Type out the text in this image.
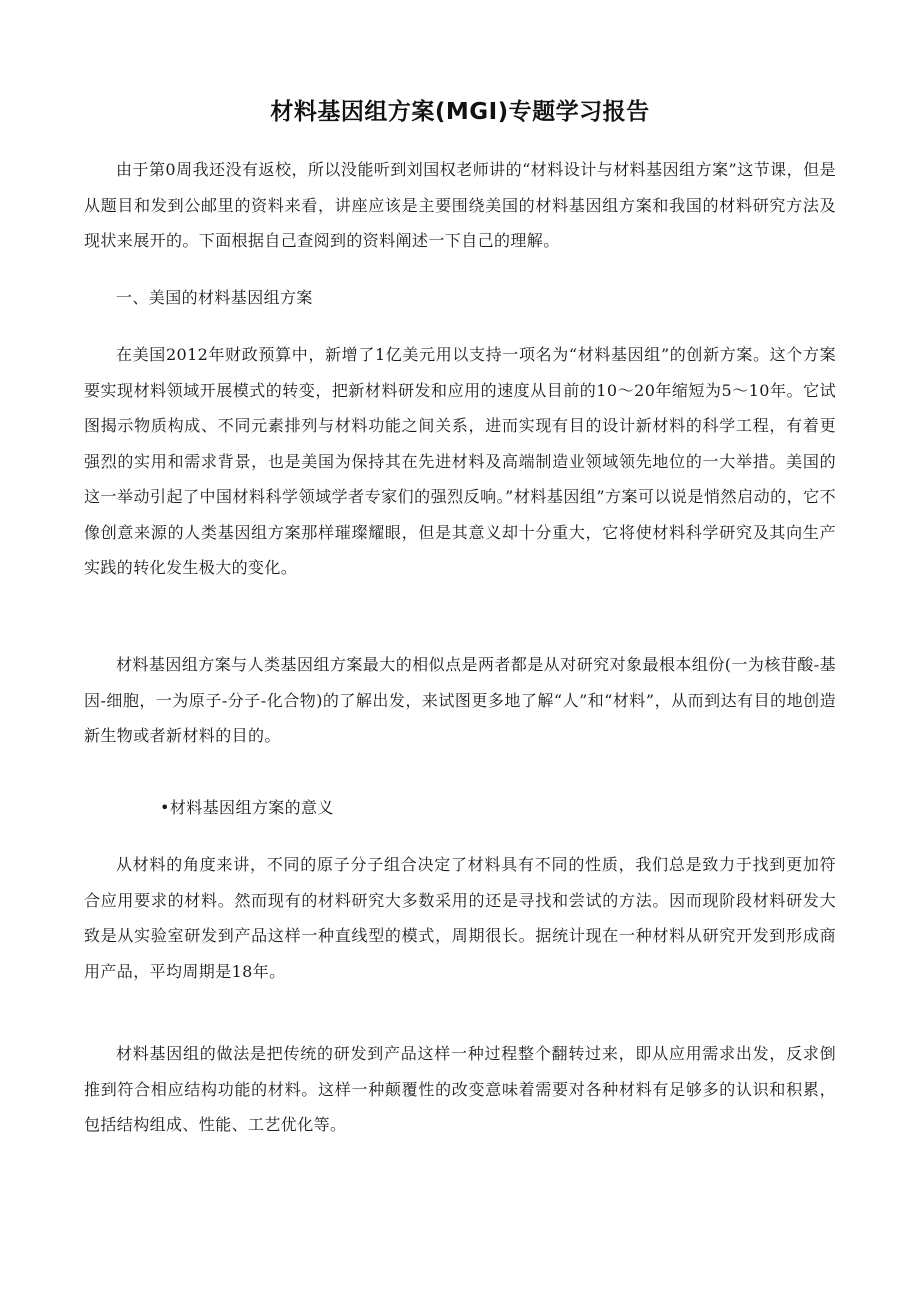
材料基因组方案(MGI)专题学习报告

由于第0周我还没有返校，所以没能听到刘国权老师讲的“材料设计与材料基因组方案”这节课，但是从题目和发到公邮里的资料来看，讲座应该是主要围绕美国的材料基因组方案和我国的材料研究方法及现状来展开的。下面根据自己查阅到的资料阐述一下自己的理解。

一、美国的材料基因组方案

在美国2012年财政预算中，新增了1亿美元用以支持一项名为“材料基因组”的创新方案。这个方案要实现材料领域开展模式的转变，把新材料研发和应用的速度从目前的10～20年缩短为5～10年。它试图揭示物质构成、不同元素排列与材料功能之间关系，进而实现有目的设计新材料的科学工程，有着更强烈的实用和需求背景，也是美国为保持其在先进材料及高端制造业领域领先地位的一大举措。美国的这一举动引起了中国材料科学领域学者专家们的强烈反响。”材料基因组”方案可以说是悄然启动的，它不像创意来源的人类基因组方案那样璀璨耀眼，但是其意义却十分重大，它将使材料科学研究及其向生产实践的转化发生极大的变化。

材料基因组方案与人类基因组方案最大的相似点是两者都是从对研究对象最根本组份(一为核苷酸-基因-细胞，一为原子-分子-化合物)的了解出发，来试图更多地了解“人”和“材料”，从而到达有目的地创造新生物或者新材料的目的。

•材料基因组方案的意义

从材料的角度来讲，不同的原子分子组合决定了材料具有不同的性质，我们总是致力于找到更加符合应用要求的材料。然而现有的材料研究大多数采用的还是寻找和尝试的方法。因而现阶段材料研发大致是从实验室研发到产品这样一种直线型的模式，周期很长。据统计现在一种材料从研究开发到形成商用产品，平均周期是18年。

材料基因组的做法是把传统的研发到产品这样一种过程整个翻转过来，即从应用需求出发，反求倒推到符合相应结构功能的材料。这样一种颠覆性的改变意味着需要对各种材料有足够多的认识和积累，包括结构组成、性能、工艺优化等。
